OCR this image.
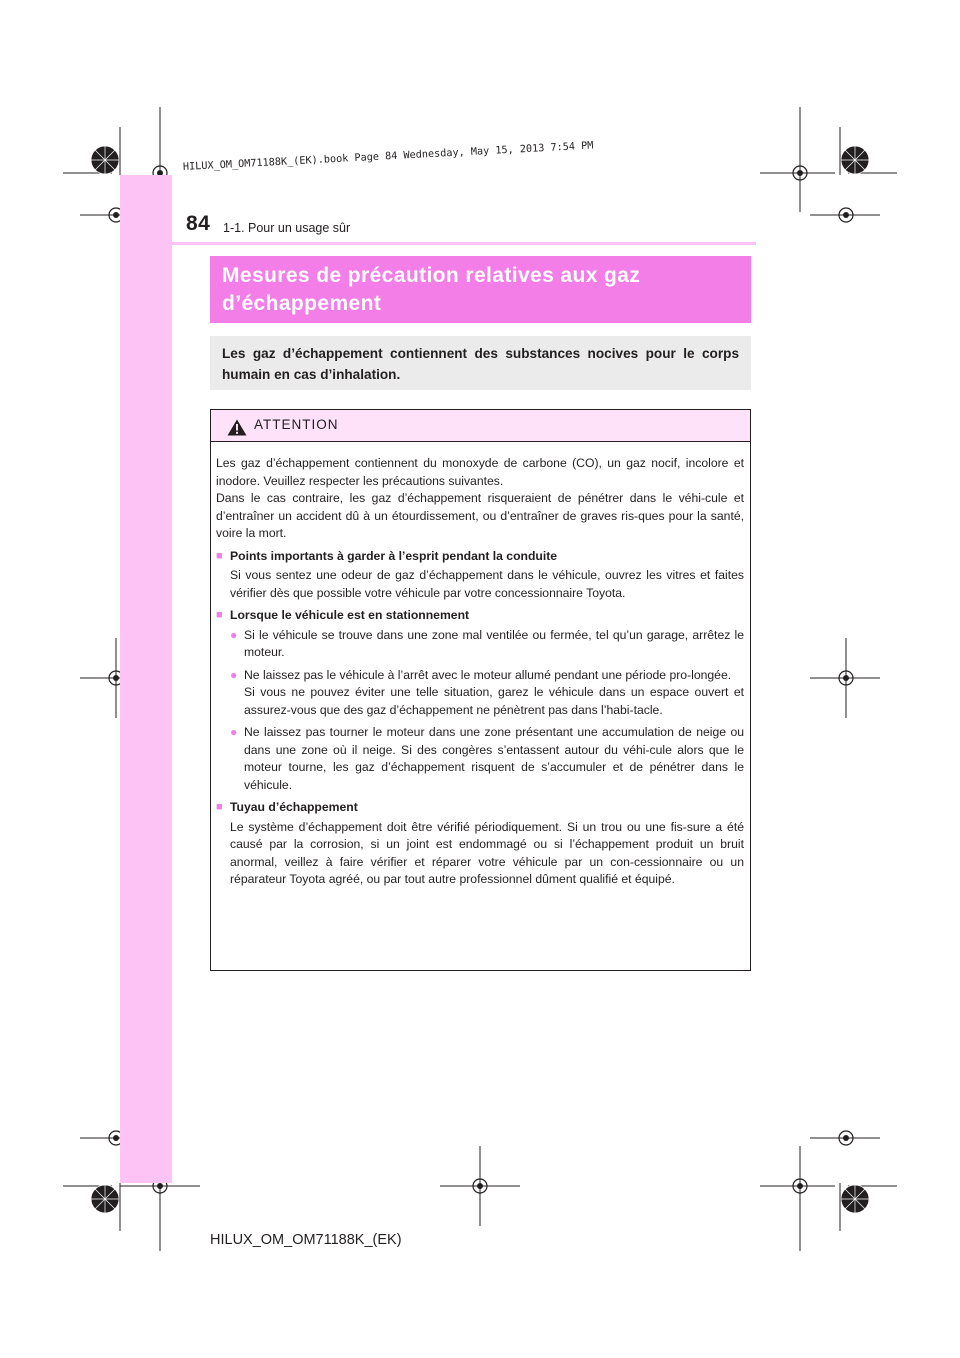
HILUX_OM_OM71188K_(EK).book Page 84 Wednesday, May 15, 2013 7:54 PM
84 1-1. Pour un usage sûr
Mesures de précaution relatives aux gaz
d’échappement

Les gaz d’échappement contiennent des substances nocives pour le corps humain en cas d’inhalation.

ATTENTION

Les gaz d’échappement contiennent du monoxyde de carbone (CO), un gaz nocif, incolore et inodore. Veuillez respecter les précautions suivantes.

Dans le cas contraire, les gaz d’échappement risqueraient de pénétrer dans le véhi-cule et d’entraîner un accident dû à un étourdissement, ou d’entraîner de graves ris-ques pour la santé, voire la mort.

■ Points importants à garder à l’esprit pendant la conduite

Si vous sentez une odeur de gaz d’échappement dans le véhicule, ouvrez les vitres et faites vérifier dès que possible votre véhicule par votre concessionnaire Toyota.

■ Lorsque le véhicule est en stationnement

● Si le véhicule se trouve dans une zone mal ventilée ou fermée, tel qu’un garage, arrêtez le moteur.
● Ne laissez pas le véhicule à l’arrêt avec le moteur allumé pendant une période pro-longée.
Si vous ne pouvez éviter une telle situation, garez le véhicule dans un espace ouvert et assurez-vous que des gaz d’échappement ne pénètrent pas dans l’habi-tacle.
● Ne laissez pas tourner le moteur dans une zone présentant une accumulation de neige ou dans une zone où il neige. Si des congères s’entassent autour du véhi-cule alors que le moteur tourne, les gaz d’échappement risquent de s’accumuler et de pénétrer dans le véhicule.

■ Tuyau d’échappement

Le système d’échappement doit être vérifié périodiquement. Si un trou ou une fis-sure a été causé par la corrosion, si un joint est endommagé ou si l’échappement produit un bruit anormal, veillez à faire vérifier et réparer votre véhicule par un con-cessionnaire ou un réparateur Toyota agréé, ou par tout autre professionnel dûment qualifié et équipé.

HILUX_OM_OM71188K_(EK)
